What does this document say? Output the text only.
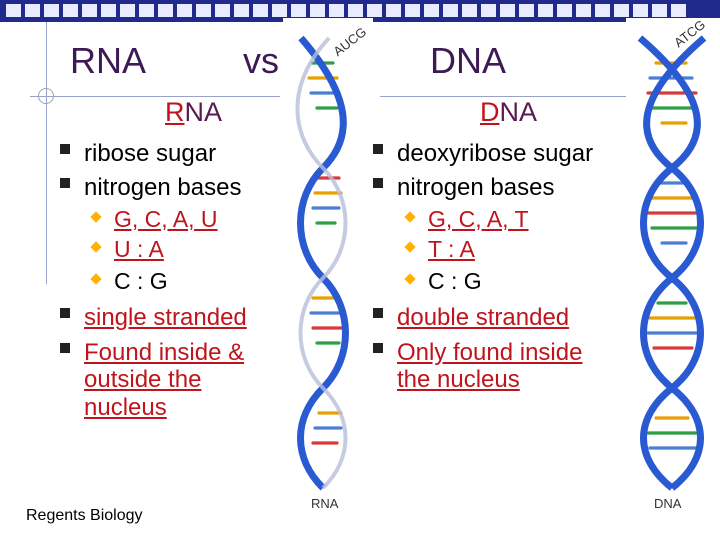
RNA	vs	DNA
AUCG
RNA
ATCG
DNA
RNA
ribose sugar
nitrogen bases
G, C, A, U
U : A
C : G
single stranded
Found inside &
outside the
nucleus
DNA
deoxyribose sugar
nitrogen bases
G, C, A, T
T : A
C : G
double stranded
Only found inside
the nucleus
Regents Biology
